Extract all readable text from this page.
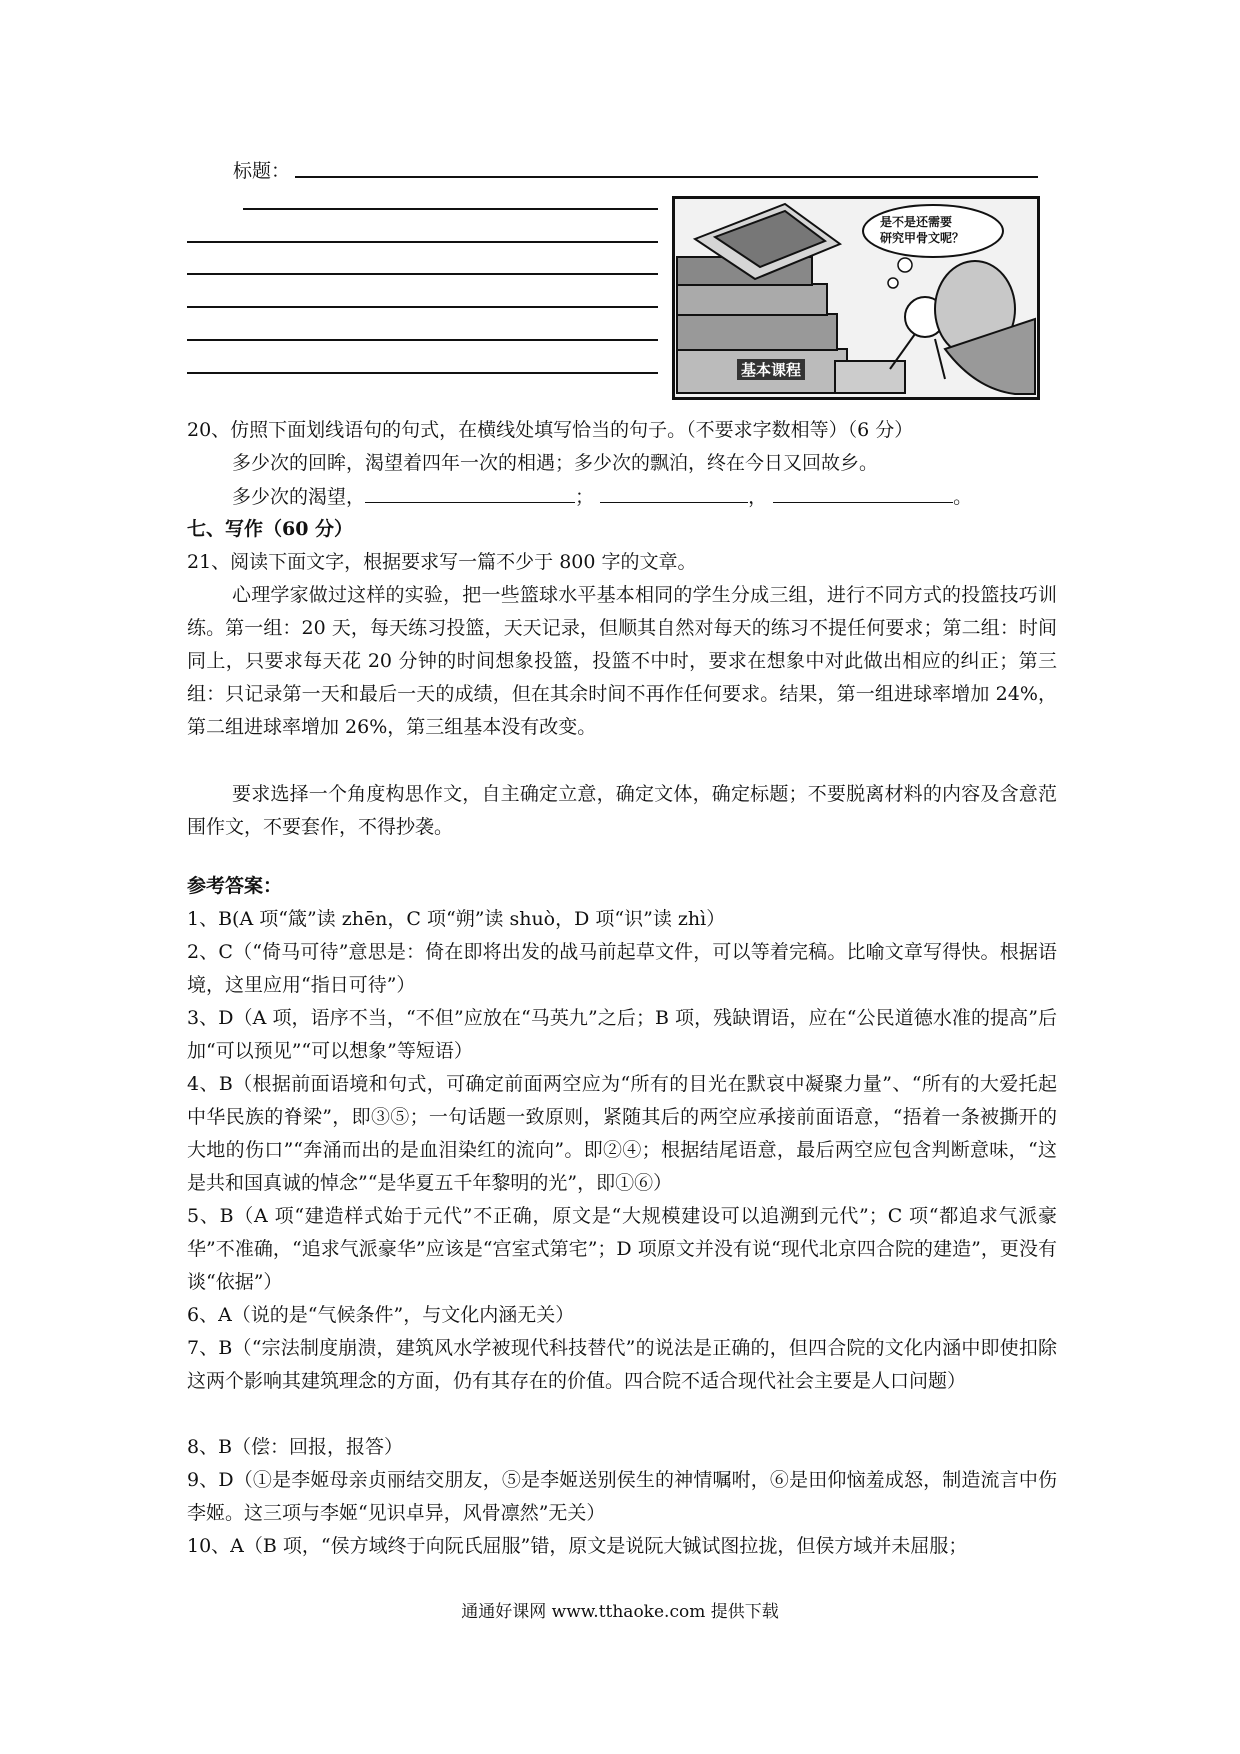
标题：
是不是还需要
研究甲骨文呢？
基本课程

20、仿照下面划线语句的句式，在横线处填写恰当的句子。（不要求字数相等）（6 分）

多少次的回眸，渴望着四年一次的相遇；多少次的飘泊，终在今日又回故乡。

多少次的渴望，	；	，	。

七、写作（60 分）

21、阅读下面文字，根据要求写一篇不少于 800 字的文章。

心理学家做过这样的实验，把一些篮球水平基本相同的学生分成三组，进行不同方式的投篮技巧训练。第一组：20 天，每天练习投篮，天天记录，但顺其自然对每天的练习不提任何要求；第二组：时间同上，只要求每天花 20 分钟的时间想象投篮，投篮不中时，要求在想象中对此做出相应的纠正；第三组：只记录第一天和最后一天的成绩，但在其余时间不再作任何要求。结果，第一组进球率增加 24%，第二组进球率增加 26%，第三组基本没有改变。

要求选择一个角度构思作文，自主确定立意，确定文体，确定标题；不要脱离材料的内容及含意范围作文，不要套作，不得抄袭。

参考答案：

1、B(A 项“箴”读 zhēn，C 项“朔”读 shuò，D 项“识”读 zhì）

2、C（“倚马可待”意思是：倚在即将出发的战马前起草文件，可以等着完稿。比喻文章写得快。根据语境，这里应用“指日可待”）

3、D（A 项，语序不当，“不但”应放在“马英九”之后；B 项，残缺谓语，应在“公民道德水准的提高”后加“可以预见”“可以想象”等短语）

4、B（根据前面语境和句式，可确定前面两空应为“所有的目光在默哀中凝聚力量”、“所有的大爱托起中华民族的脊梁”，即③⑤；一句话题一致原则，紧随其后的两空应承接前面语意，“捂着一条被撕开的大地的伤口”“奔涌而出的是血泪染红的流向”。即②④；根据结尾语意，最后两空应包含判断意味，“这是共和国真诚的悼念”“是华夏五千年黎明的光”，即①⑥）

5、B（A 项“建造样式始于元代”不正确，原文是“大规模建设可以追溯到元代”；C 项“都追求气派豪华”不准确，“追求气派豪华”应该是“宫室式第宅”；D 项原文并没有说“现代北京四合院的建造”，更没有谈“依据”）

6、A（说的是“气候条件”，与文化内涵无关）

7、B（“宗法制度崩溃，建筑风水学被现代科技替代”的说法是正确的，但四合院的文化内涵中即使扣除这两个影响其建筑理念的方面，仍有其存在的价值。四合院不适合现代社会主要是人口问题）

8、B（偿：回报，报答）

9、D（①是李姬母亲贞丽结交朋友，⑤是李姬送别侯生的神情嘱咐，⑥是田仰恼羞成怒，制造流言中伤李姬。这三项与李姬“见识卓异，风骨凛然”无关）

10、A（B 项，“侯方域终于向阮氏屈服”错，原文是说阮大铖试图拉拢，但侯方域并未屈服；

通通好课网 www.tthaoke.com 提供下载
